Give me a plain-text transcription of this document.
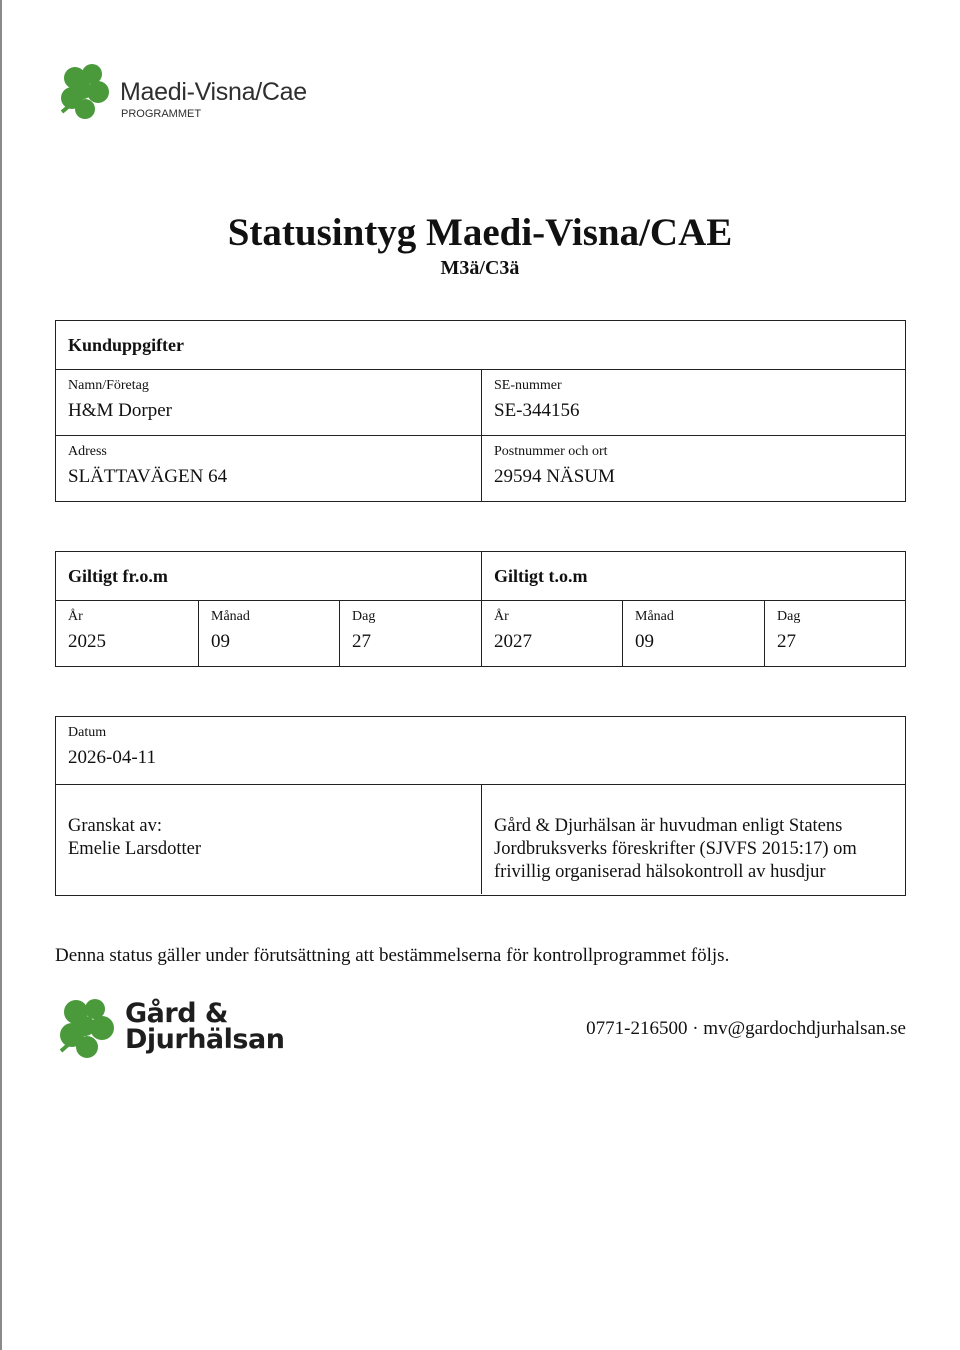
Maedi-Visna/Cae
PROGRAMMET
Statusintyg Maedi-Visna/CAE
M3ä/C3ä
Kunduppgifter
Namn/Företag
H&M Dorper
SE-nummer
SE-344156
Adress
SLÄTTAVÄGEN 64
Postnummer och ort
29594 NÄSUM
Giltigt fr.o.m	Giltigt t.o.m
År
2025
Månad
09
Dag
27
År
2027
Månad
09
Dag
27
Datum
2026-04-11
Granskat av:
Emelie Larsdotter
Gård & Djurhälsan är huvudman enligt Statens
Jordbruksverks föreskrifter (SJVFS 2015:17) om
frivillig organiserad hälsokontroll av husdjur
Denna status gäller under förutsättning att bestämmelserna för kontrollprogrammet följs.
Gård &
Djurhälsan	0771-216500 · mv@gardochdjurhalsan.se
